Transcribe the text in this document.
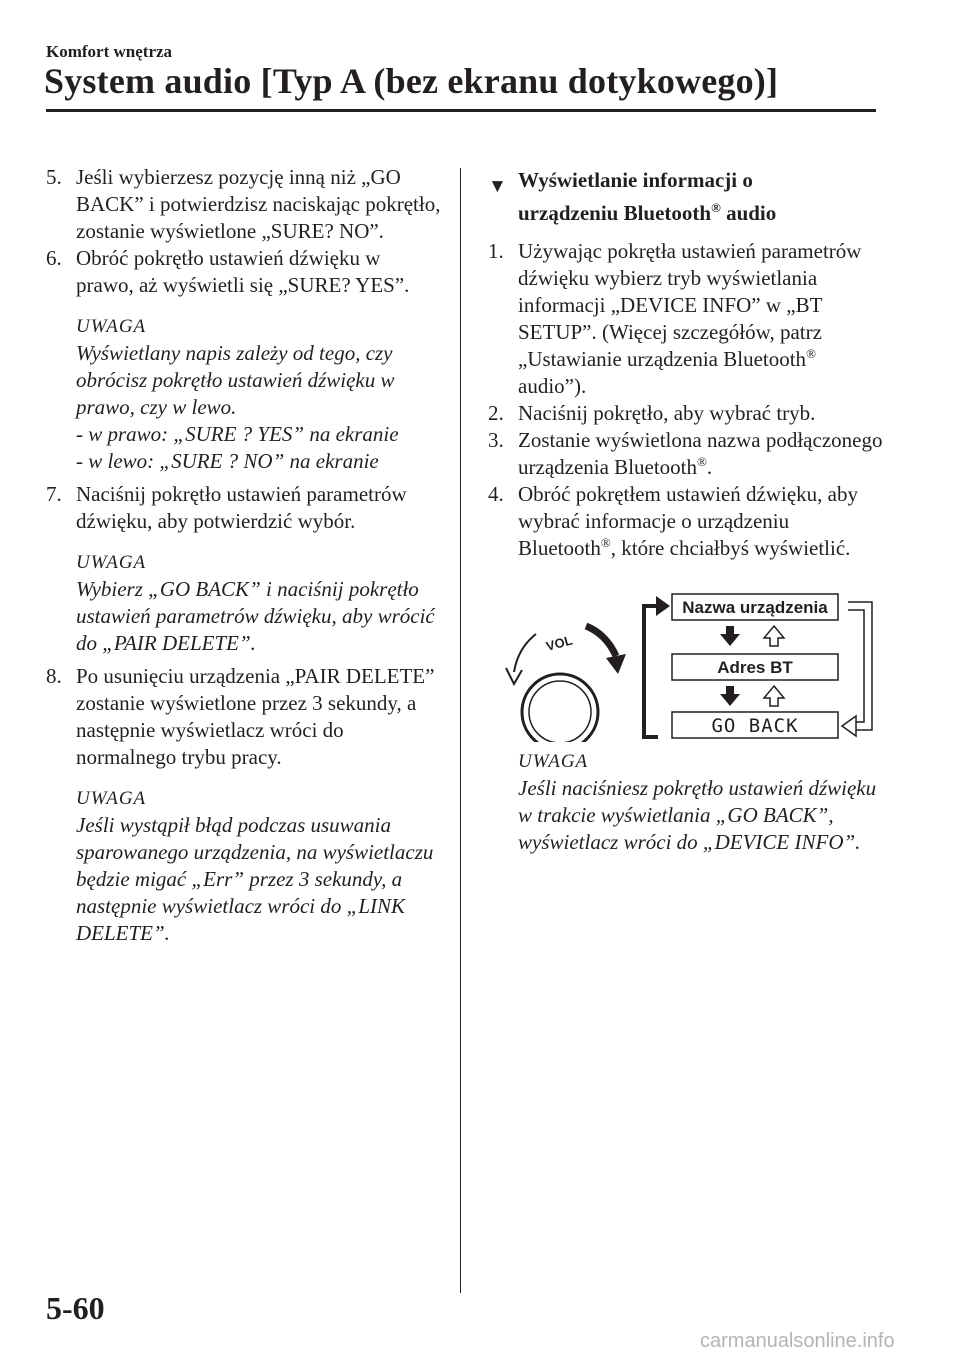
Komfort wnętrza
System audio [Typ A (bez ekranu dotykowego)]
5. Jeśli wybierzesz pozycję inną niż „GO BACK” i potwierdzisz naciskając pokrętło, zostanie wyświetlone „SURE? NO”.
6. Obróć pokrętło ustawień dźwięku w prawo, aż wyświetli się „SURE? YES”.
UWAGA
Wyświetlany napis zależy od tego, czy obrócisz pokrętło ustawień dźwięku w prawo, czy w lewo.
- w prawo: „SURE ? YES” na ekranie
- w lewo: „SURE ? NO” na ekranie
7. Naciśnij pokrętło ustawień parametrów dźwięku, aby potwierdzić wybór.
UWAGA
Wybierz „GO BACK” i naciśnij pokrętło ustawień parametrów dźwięku, aby wrócić do „PAIR DELETE”.
8. Po usunięciu urządzenia „PAIR DELETE” zostanie wyświetlone przez 3 sekundy, a następnie wyświetlacz wróci do normalnego trybu pracy.
UWAGA
Jeśli wystąpił błąd podczas usuwania sparowanego urządzenia, na wyświetlaczu będzie migać „Err” przez 3 sekundy, a następnie wyświetlacz wróci do „LINK DELETE”.
▼ Wyświetlanie informacji o
urządzeniu Bluetooth® audio
1. Używając pokrętła ustawień parametrów dźwięku wybierz tryb wyświetlania informacji „DEVICE INFO” w „BT SETUP”. (Więcej szczegółów, patrz „Ustawianie urządzenia Bluetooth® audio”).
2. Naciśnij pokrętło, aby wybrać tryb.
3. Zostanie wyświetlona nazwa podłączonego urządzenia Bluetooth®.
4. Obróć pokrętłem ustawień dźwięku, aby wybrać informacje o urządzeniu Bluetooth®, które chciałbyś wyświetlić.
VOL
Nazwa urządzenia
Adres BT
GO BACK
UWAGA
Jeśli naciśniesz pokrętło ustawień dźwięku w trakcie wyświetlania „GO BACK”, wyświetlacz wróci do „DEVICE INFO”.
5-60
carmanualsonline.info
